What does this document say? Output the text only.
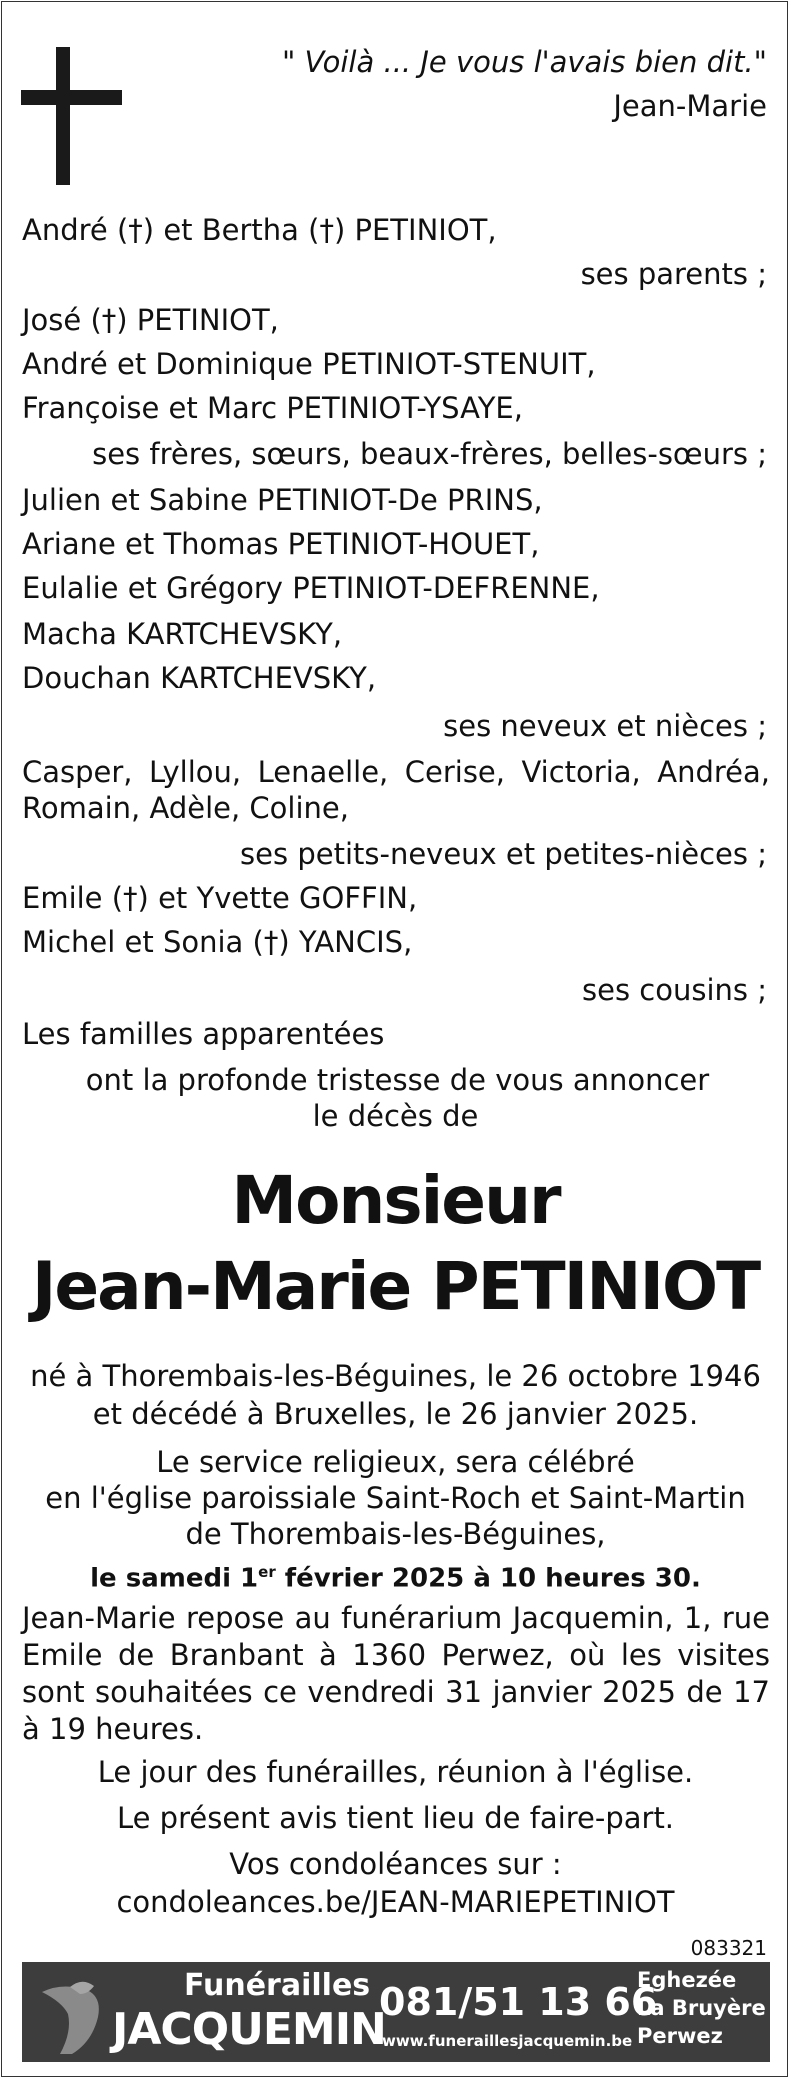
" Voilà ... Je vous l'avais bien dit."
Jean-Marie
André (†) et Bertha (†) PETINIOT,
ses parents ;
José (†) PETINIOT,
André et Dominique PETINIOT-STENUIT,
Françoise et Marc PETINIOT-YSAYE,
ses frères, sœurs, beaux-frères, belles-sœurs ;
Julien et Sabine PETINIOT-De PRINS,
Ariane et Thomas PETINIOT-HOUET,
Eulalie et Grégory PETINIOT-DEFRENNE,
Macha KARTCHEVSKY,
Douchan KARTCHEVSKY,
ses neveux et nièces ;
Casper, Lyllou, Lenaelle, Cerise, Victoria, Andréa,
Romain, Adèle, Coline,
ses petits-neveux et petites-nièces ;
Emile (†) et Yvette GOFFIN,
Michel et Sonia (†) YANCIS,
ses cousins ;
Les familles apparentées
ont la profonde tristesse de vous annoncer
le décès de
Monsieur
Jean-Marie PETINIOT
né à Thorembais-les-Béguines, le 26 octobre 1946
et décédé à Bruxelles, le 26 janvier 2025.
Le service religieux, sera célébré
en l'église paroissiale Saint-Roch et Saint-Martin
de Thorembais-les-Béguines,
le samedi 1er février 2025 à 10 heures 30.
Jean-Marie repose au funérarium Jacquemin, 1, rue Emile de Branbant à 1360 Perwez, où les visites sont souhaitées ce vendredi 31 janvier 2025 de 17 à 19 heures.
Le jour des funérailles, réunion à l'église.
Le présent avis tient lieu de faire-part.
Vos condoléances sur :
condoleances.be/JEAN-MARIEPETINIOT
083321
Funérailles
JACQUEMIN
081/51 13 66
www.funeraillesjacquemin.be
Eghezée
La Bruyère
Perwez
